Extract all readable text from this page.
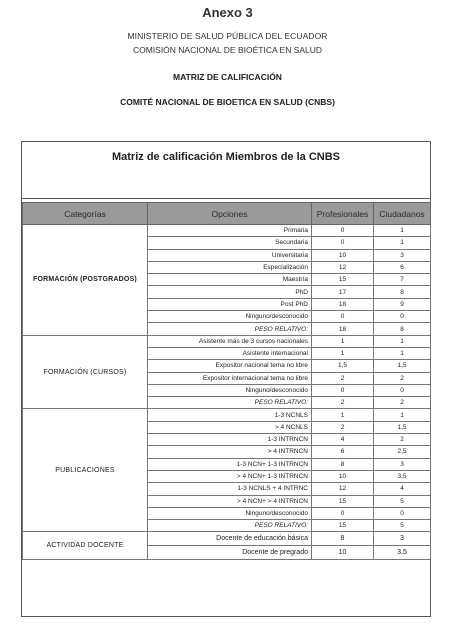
Anexo 3
MINISTERIO DE SALUD PÚBLICA DEL ECUADOR
COMISIÓN NACIONAL DE BIOÉTICA EN SALUD
MATRIZ DE CALIFICACIÓN
COMITÉ NACIONAL DE BIOETICA EN SALUD (CNBS)
Matriz de calificación Miembros de la CNBS
Categorías	Opciones	Profesionales	Ciudadanos
FORMACIÓN (POSTGRADOS)	Primaria	0	1
	Secundaria	0	1
	Universitaria	10	3
	Especialización	12	6
	Maestría	15	7
	PhD	17	8
	Post PhD	18	9
	Ninguno/desconocido	0	0
	PESO RELATIVO:	18	8
FORMACIÓN (CURSOS)	Asistente más de 3 cursos nacionales	1	1
	Asistente internacional	1	1
	Expositor nacional tema no libre	1,5	1,5
	Expositor internacional tema no libre	2	2
	Ninguno/desconocido	0	0
	PESO RELATIVO:	2	2
PUBLICACIONES	1-3 NCNLS	1	1
	> 4 NCNLS	2	1,5
	1-3 INTRNCN	4	2
	> 4 INTRNCN	6	2,5
	1-3 NCN+ 1-3 INTRNCN	8	3
	> 4 NCN+ 1-3 INTRNCN	10	3,5
	1-3 NCNLS + 4 INTRNC	12	4
	> 4 NCN+ > 4 INTRNCN	15	5
	Ninguno/desconocido	0	0
	PESO RELATIVO:	15	5
ACTIVIDAD DOCENTE	Docente de educación básica	8	3
	Docente de pregrado	10	3,5
